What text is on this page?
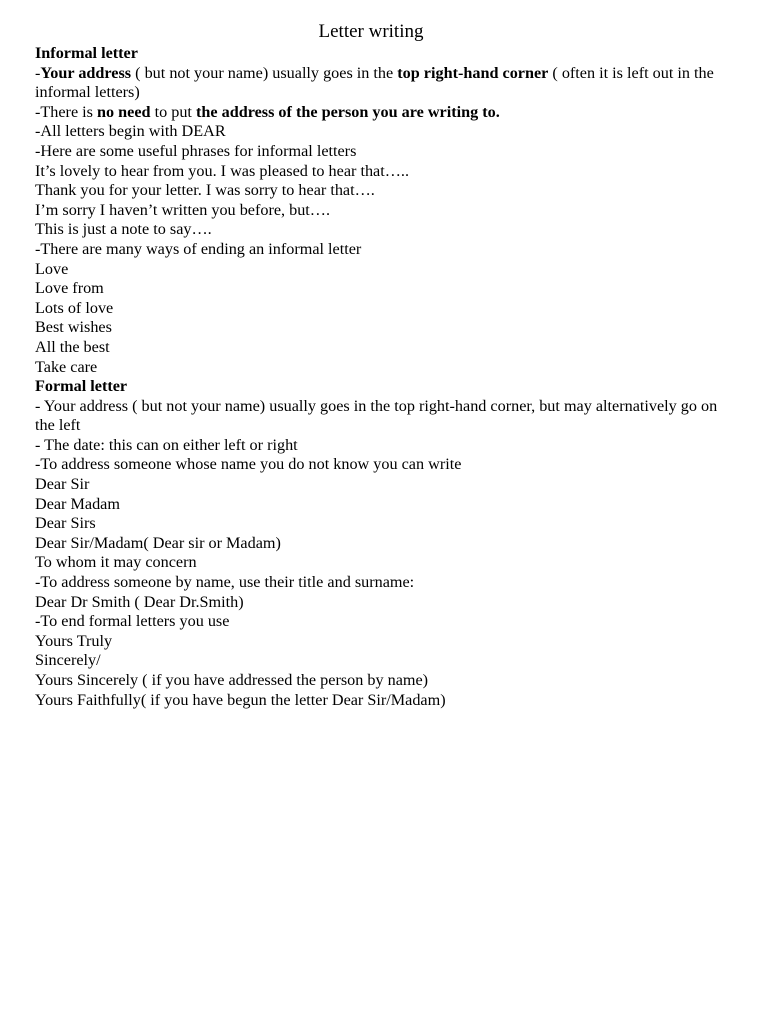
Letter writing
Informal letter
-Your address ( but not your name) usually goes in the top right-hand corner ( often it is left out in the informal letters)
-There is no need to put the address of the person you are writing to.
-All letters begin with DEAR
-Here are some useful phrases for informal letters
It’s lovely to hear from you. I was pleased to hear that…..
Thank you for your letter. I was sorry to hear that….
I’m sorry I haven’t written you before, but….
This is just a note to say….
-There are many ways of ending an informal letter
Love
Love from
Lots of love
Best wishes
All the best
Take care
Formal letter
- Your address ( but not your name) usually goes in the top right-hand corner, but may alternatively go on the left
- The date: this can on either left or right
-To address someone whose name you do not know you can write
Dear Sir
Dear Madam
Dear Sirs
Dear Sir/Madam( Dear sir or Madam)
To whom it may concern
-To address someone by name, use their title and surname:
Dear Dr Smith ( Dear Dr.Smith)
-To end formal letters you use
Yours Truly
Sincerely/
Yours Sincerely ( if you have addressed the person by name)
Yours Faithfully( if you have begun the letter Dear Sir/Madam)
